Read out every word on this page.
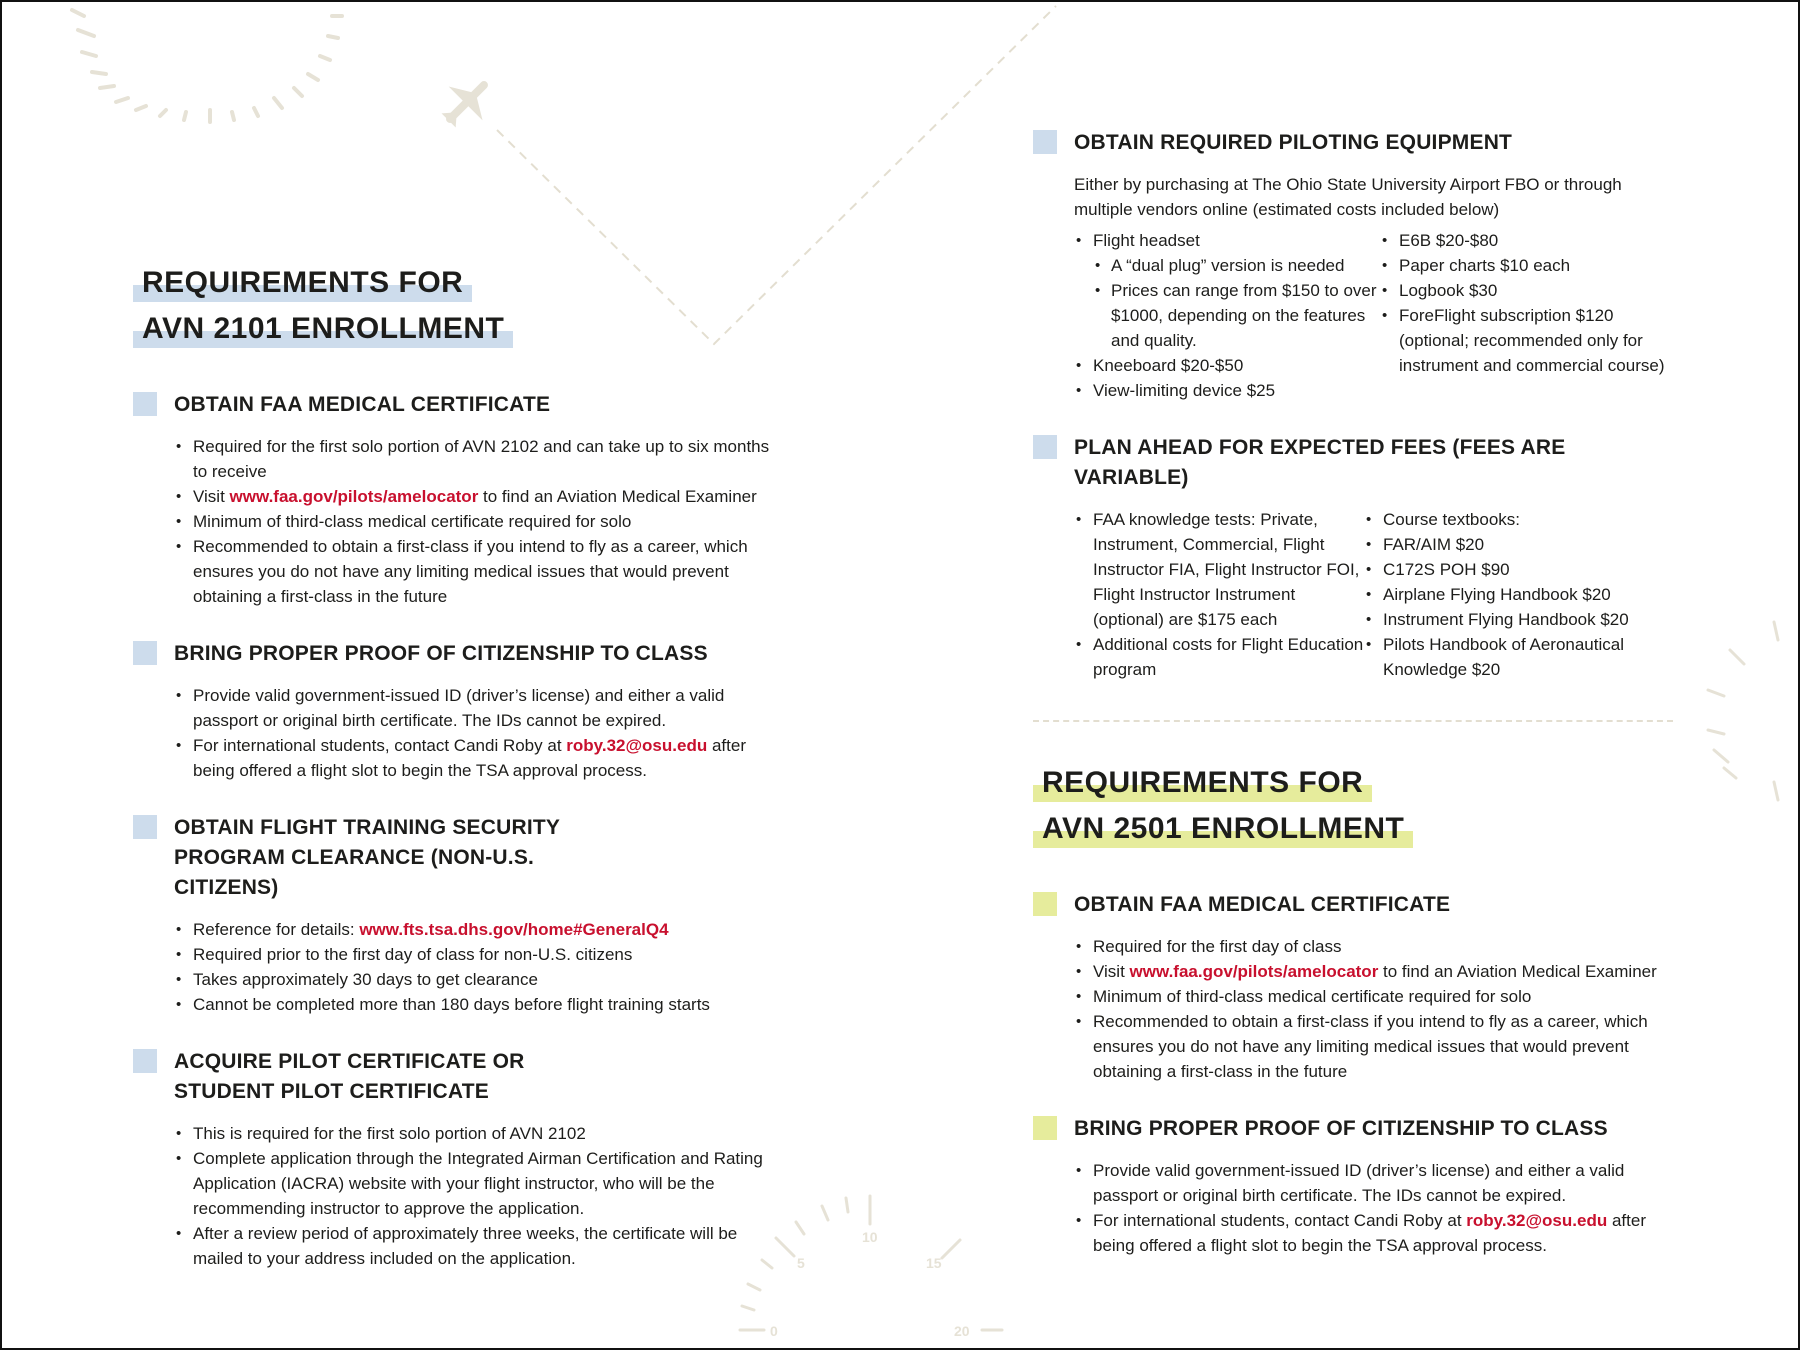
0
5
10
15
20
REQUIREMENTS FOR
AVN 2101 ENROLLMENT
OBTAIN FAA MEDICAL CERTIFICATE
• Required for the first solo portion of AVN 2102 and can take up to six months to receive
• Visit www.faa.gov/pilots/amelocator to find an Aviation Medical Examiner
• Minimum of third-class medical certificate required for solo
• Recommended to obtain a first-class if you intend to fly as a career, which ensures you do not have any limiting medical issues that would prevent obtaining a first-class in the future
BRING PROPER PROOF OF CITIZENSHIP TO CLASS
• Provide valid government-issued ID (driver’s license) and either a valid passport or original birth certificate. The IDs cannot be expired.
• For international students, contact Candi Roby at roby.32@osu.edu after being offered a flight slot to begin the TSA approval process.
OBTAIN FLIGHT TRAINING SECURITY PROGRAM CLEARANCE (NON-U.S. CITIZENS)
• Reference for details: www.fts.tsa.dhs.gov/home#GeneralQ4
• Required prior to the first day of class for non-U.S. citizens
• Takes approximately 30 days to get clearance
• Cannot be completed more than 180 days before flight training starts
ACQUIRE PILOT CERTIFICATE OR STUDENT PILOT CERTIFICATE
• This is required for the first solo portion of AVN 2102
• Complete application through the Integrated Airman Certification and Rating Application (IACRA) website with your flight instructor, who will be the recommending instructor to approve the application.
• After a review period of approximately three weeks, the certificate will be mailed to your address included on the application.
OBTAIN REQUIRED PILOTING EQUIPMENT
Either by purchasing at The Ohio State University Airport FBO or through multiple vendors online (estimated costs included below)
• Flight headset
• A “dual plug” version is needed
• Prices can range from $150 to over $1000, depending on the features and quality.
• Kneeboard $20-$50
• View-limiting device $25
• E6B $20-$80
• Paper charts $10 each
• Logbook $30
• ForeFlight subscription $120 (optional; recommended only for instrument and commercial course)
PLAN AHEAD FOR EXPECTED FEES (FEES ARE VARIABLE)
• FAA knowledge tests: Private, Instrument, Commercial, Flight Instructor FIA, Flight Instructor FOI, Flight Instructor Instrument (optional) are $175 each
• Additional costs for Flight Education program
• Course textbooks:
• FAR/AIM $20
• C172S POH $90
• Airplane Flying Handbook $20
• Instrument Flying Handbook $20
• Pilots Handbook of Aeronautical Knowledge $20
REQUIREMENTS FOR
AVN 2501 ENROLLMENT
OBTAIN FAA MEDICAL CERTIFICATE
• Required for the first day of class
• Visit www.faa.gov/pilots/amelocator to find an Aviation Medical Examiner
• Minimum of third-class medical certificate required for solo
• Recommended to obtain a first-class if you intend to fly as a career, which ensures you do not have any limiting medical issues that would prevent obtaining a first-class in the future
BRING PROPER PROOF OF CITIZENSHIP TO CLASS
• Provide valid government-issued ID (driver’s license) and either a valid passport or original birth certificate. The IDs cannot be expired.
• For international students, contact Candi Roby at roby.32@osu.edu after being offered a flight slot to begin the TSA approval process.
